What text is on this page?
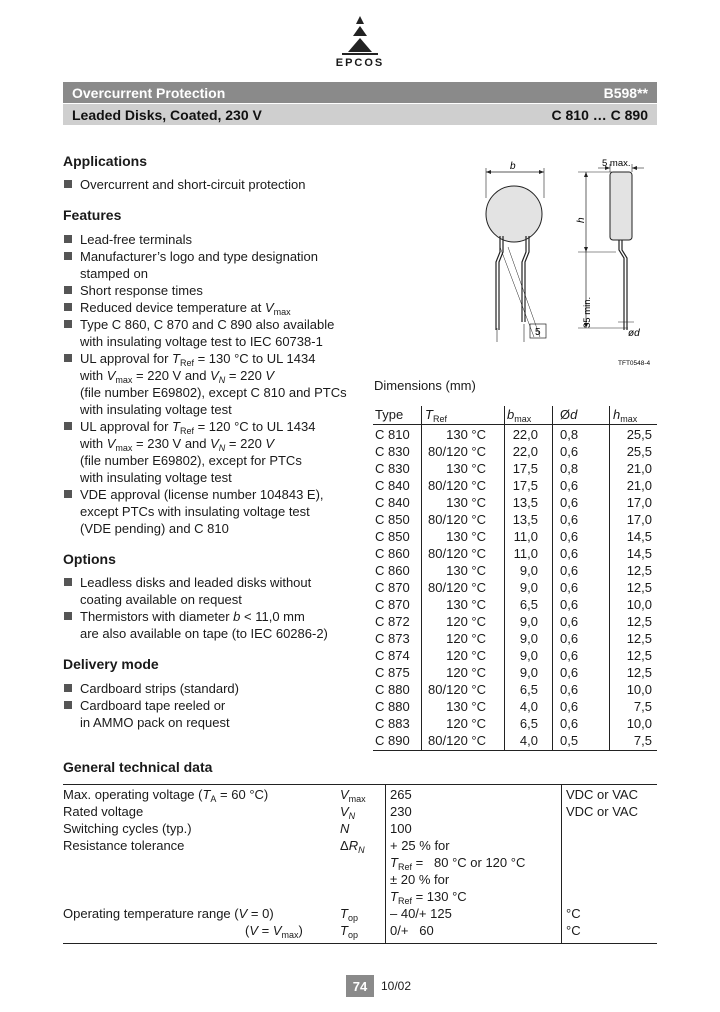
EPCOS
Overcurrent Protection	B598**
Leaded Disks, Coated, 230 V	C 810 … C 890
Applications
Overcurrent and short-circuit protection
Features
Lead-free terminals
Manufacturer’s logo and type designation
stamped on
Short response times
Reduced device temperature at $V_{max}$
Type C 860, C 870 and C 890 also available
with insulating voltage test to IEC 60738-1
UL approval for $T_{Ref} = 130$ °C to UL 1434
with $V_{max} = 220$ V and $V_N = 220$ V
(file number E69802), except C 810 and PTCs
with insulating voltage test
UL approval for $T_{Ref} = 120$ °C to UL 1434
with $V_{max} = 230$ V and $V_N = 220$ V
(file number E69802), except for PTCs
with insulating voltage test
VDE approval (license number 104843 E),
except PTCs with insulating voltage test
(VDE pending) and C 810
Options
Leadless disks and leaded disks without
coating available on request
Thermistors with diameter b < 11,0 mm
are also available on tape (to IEC 60286-2)
Delivery mode
Cardboard strips (standard)
Cardboard tape reeled or
in AMMO pack on request
b
5
5 max.
h
35 min.
ød
TFT0548-4
Dimensions (mm)
Type $T_{Ref}$	$b_{max}$ Ød	$h_{max}$
C 810	130 °C	22,0 0,8	25,5
C 830	80/120 °C	22,0 0,6	25,5
C 830	130 °C	17,5 0,8	21,0
C 840	80/120 °C	17,5 0,6	21,0
C 840	130 °C	13,5 0,6	17,0
C 850	80/120 °C	13,5 0,6	17,0
C 850	130 °C	11,0 0,6	14,5
C 860	80/120 °C	11,0 0,6	14,5
C 860	130 °C	9,0 0,6	12,5
C 870	80/120 °C	9,0 0,6	12,5
C 870	130 °C	6,5 0,6	10,0
C 872	120 °C	9,0 0,6	12,5
C 873	120 °C	9,0 0,6	12,5
C 874	120 °C	9,0 0,6	12,5
C 875	120 °C	9,0 0,6	12,5
C 880	80/120 °C	6,5 0,6	10,0
C 880	130 °C	4,0 0,6	7,5
C 883	120 °C	6,5 0,6	10,0
C 890	80/120 °C	4,0 0,5	7,5
General technical data
Max. operating voltage ($T_A = 60$ °C)	$V_{max}$ 265	VDC or VAC
Rated voltage	$V_N$	230	VDC or VAC
Switching cycles (typ.)	N	100
Resistance tolerance	$\Delta R_N + 25$ % for
$T_{Ref} = 80$ °C or 120 °C
± 20 % for
$T_{Ref} = 130$ °C
Operating temperature range (V = 0)	$T_{op} - 40/+ 125$	°C
$(V = V_{max})$	$T_{op}$ 0/+   60	°C
74	10/02
